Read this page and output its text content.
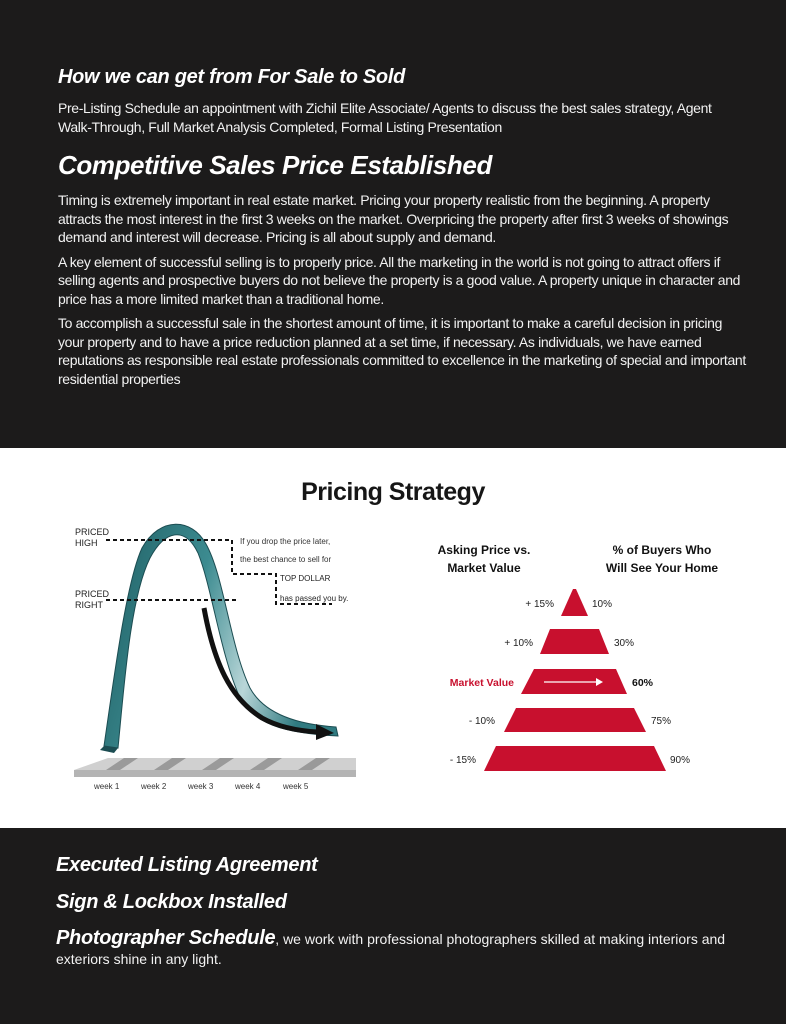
How we can get from For Sale to Sold
Pre-Listing Schedule an appointment with Zichil Elite Associate/ Agents to discuss the best sales strategy, Agent Walk-Through, Full Market Analysis Completed, Formal Listing Presentation
Competitive Sales Price Established
Timing is extremely important in real estate market. Pricing your property realistic from the beginning. A property attracts the most interest in the first 3 weeks on the market. Overpricing the property after first 3 weeks of showings demand and interest will decrease. Pricing is all about supply and demand.
A key element of successful selling is to properly price. All the marketing in the world is not going to attract offers if selling agents and prospective buyers do not believe the property is a good value. A property unique in character and price has a more limited market than a traditional home.
To accomplish a successful sale in the shortest amount of time, it is important to make a careful decision in pricing your property and to have a price reduction planned at a set time, if necessary. As individuals, we have earned reputations as responsible real estate professionals committed to excellence in the marketing of special and important residential properties
Pricing Strategy
PRICED
HIGH
PRICED
RIGHT
If you drop the price later,
the best chance to sell for
TOP DOLLAR
has passed you by.
week 1	week 2	week 3	week 4	week 5
Asking Price vs.
Market Value
% of Buyers Who
Will See Your Home
+ 15%	10%
+ 10%	30%
Market Value	60%
- 10%	75%
- 15%	90%
Executed Listing Agreement
Sign & Lockbox Installed

Photographer Schedule, we work with professional photographers skilled at making interiors and exteriors shine in any light.
